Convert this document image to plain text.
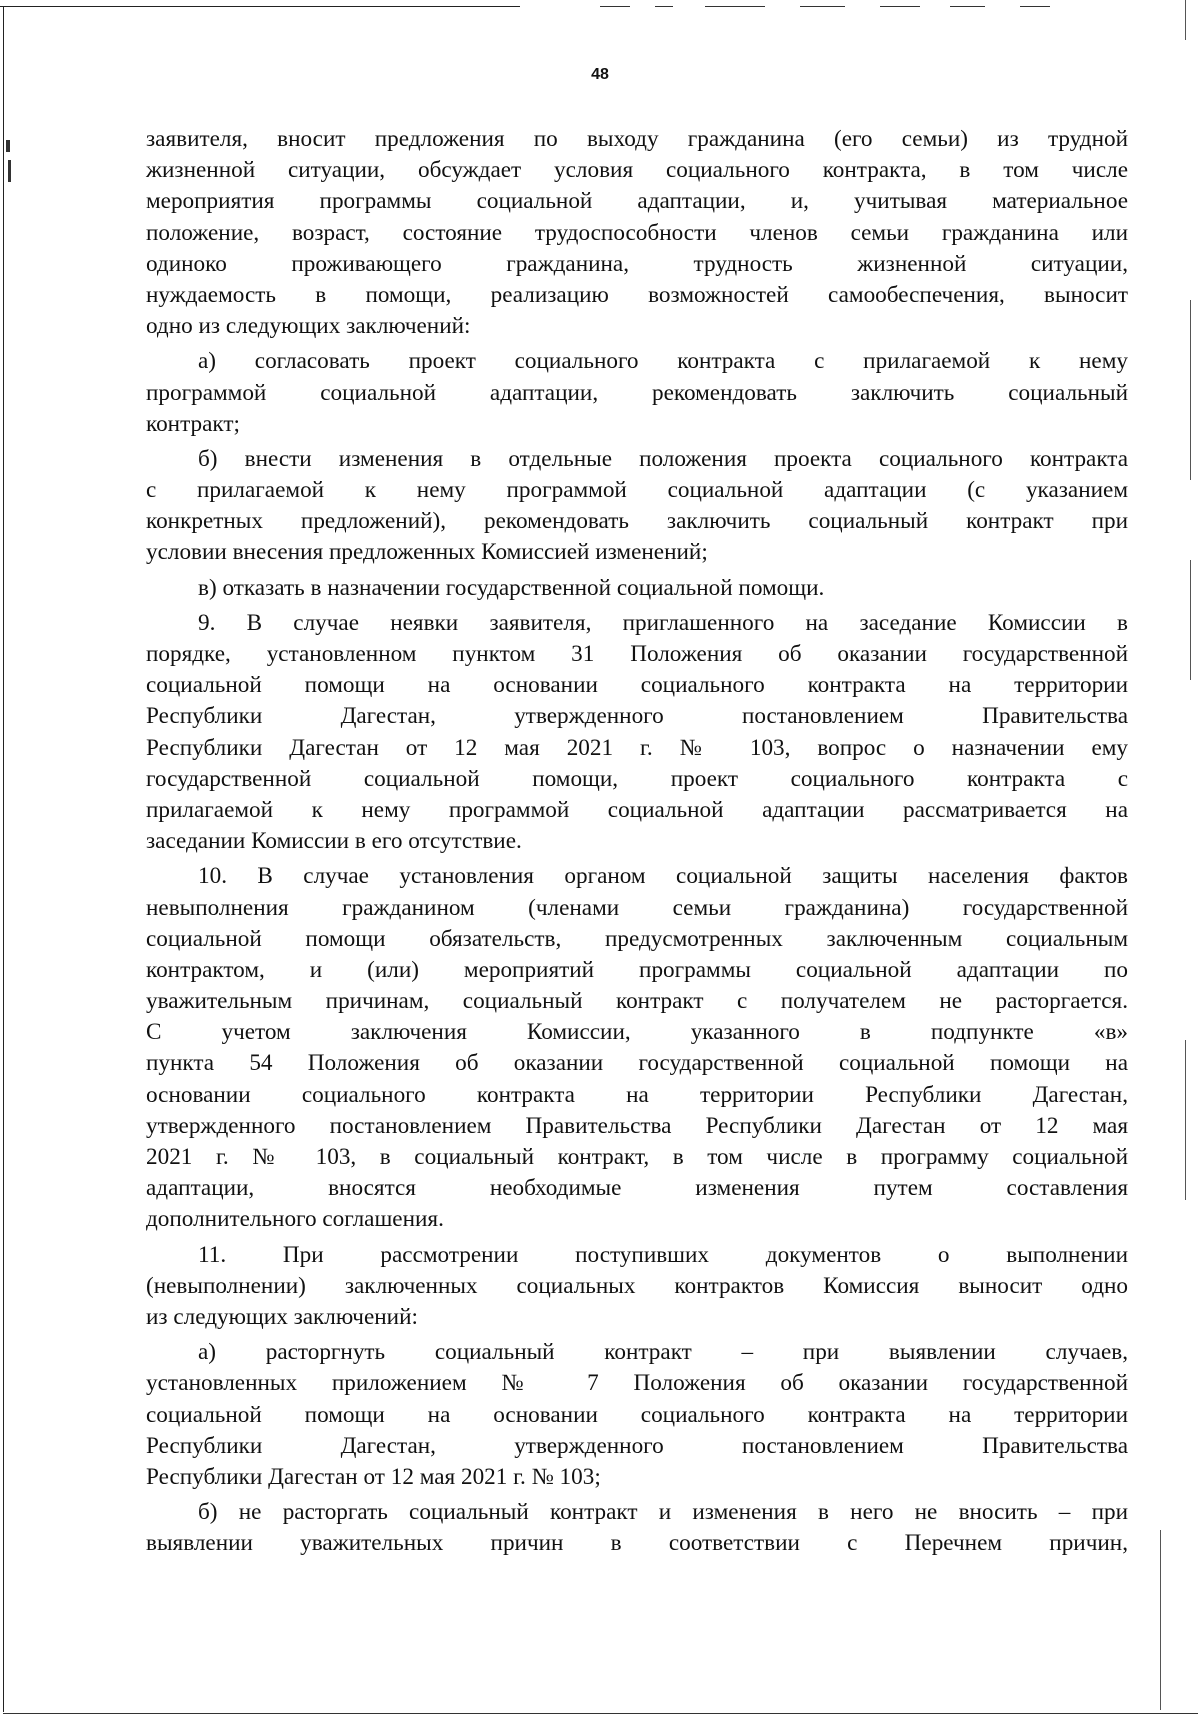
48
заявителя, вносит предложения по выходу гражданина (его семьи) из трудной
жизненной ситуации, обсуждает условия социального контракта, в том числе
мероприятия программы социальной адаптации, и, учитывая материальное
положение, возраст, состояние трудоспособности членов семьи гражданина или
одиноко проживающего гражданина, трудность жизненной ситуации,
нуждаемость в помощи, реализацию возможностей самообеспечения, выносит
одно из следующих заключений:
а) согласовать проект социального контракта с прилагаемой к нему
программой социальной адаптации, рекомендовать заключить социальный
контракт;
б) внести изменения в отдельные положения проекта социального контракта
с прилагаемой к нему программой социальной адаптации (с указанием
конкретных предложений), рекомендовать заключить социальный контракт при
условии внесения предложенных Комиссией изменений;
в) отказать в назначении государственной социальной помощи.
9. В случае неявки заявителя, приглашенного на заседание Комиссии в
порядке, установленном пунктом 31 Положения об оказании государственной
социальной помощи на основании социального контракта на территории
Республики Дагестан, утвержденного постановлением Правительства
Республики Дагестан от 12 мая 2021 г. № 103, вопрос о назначении ему
государственной социальной помощи, проект социального контракта с
прилагаемой к нему программой социальной адаптации рассматривается на
заседании Комиссии в его отсутствие.
10. В случае установления органом социальной защиты населения фактов
невыполнения гражданином (членами семьи гражданина) государственной
социальной помощи обязательств, предусмотренных заключенным социальным
контрактом, и (или) мероприятий программы социальной адаптации по
уважительным причинам, социальный контракт с получателем не расторгается.
С учетом заключения Комиссии, указанного в подпункте «в»
пункта 54 Положения об оказании государственной социальной помощи на
основании социального контракта на территории Республики Дагестан,
утвержденного постановлением Правительства Республики Дагестан от 12 мая
2021 г. № 103, в социальный контракт, в том числе в программу социальной
адаптации, вносятся необходимые изменения путем составления
дополнительного соглашения.
11. При рассмотрении поступивших документов о выполнении
(невыполнении) заключенных социальных контрактов Комиссия выносит одно
из следующих заключений:
а) расторгнуть социальный контракт – при выявлении случаев,
установленных приложением № 7 Положения об оказании государственной
социальной помощи на основании социального контракта на территории
Республики Дагестан, утвержденного постановлением Правительства
Республики Дагестан от 12 мая 2021 г. № 103;
б) не расторгать социальный контракт и изменения в него не вносить – при
выявлении уважительных причин в соответствии с Перечнем причин,
